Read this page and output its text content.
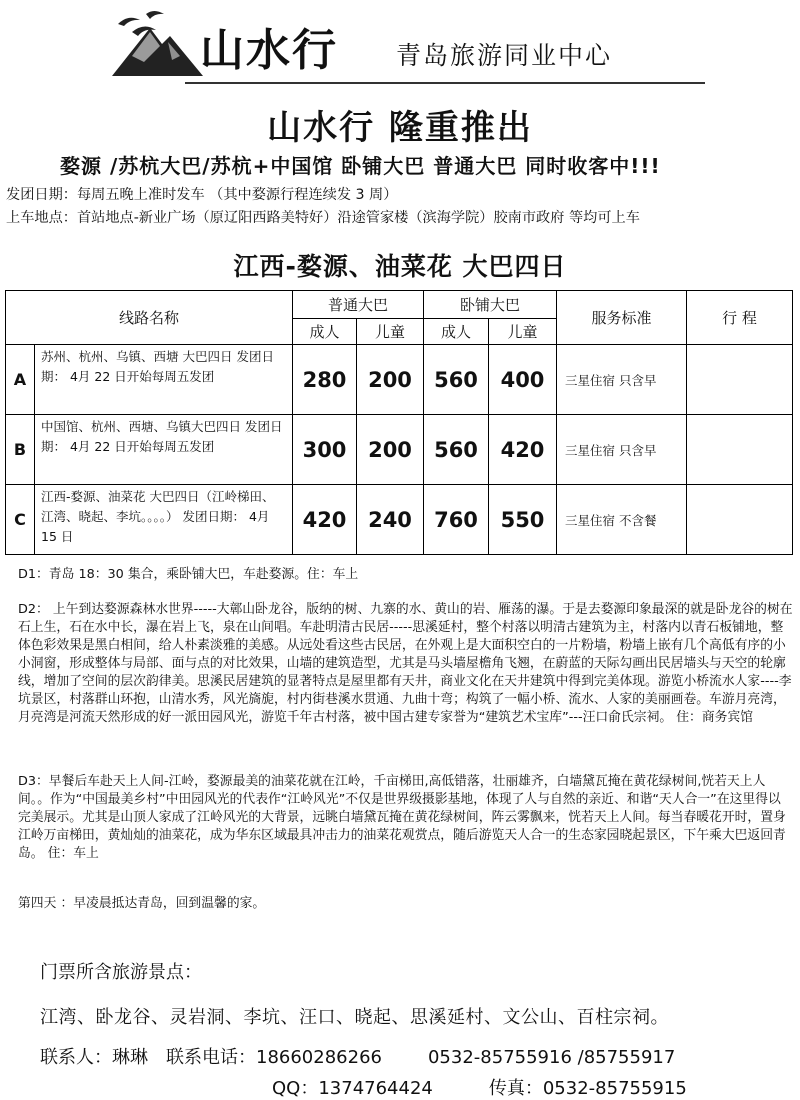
山水行 青岛旅游同业中心
山水行 隆重推出
婺源 /苏杭大巴/苏杭+中国馆 卧铺大巴 普通大巴 同时收客中!!!
发团日期：每周五晚上准时发车 （其中婺源行程连续发 3 周）
上车地点：首站地点-新业广场（原辽阳西路美特好）沿途管家楼（滨海学院）胶南市政府 等均可上车
江西-婺源、油菜花 大巴四日
线路名称		普通大巴		卧铺大巴		服务标准	行 程
		成人	儿童	成人	儿童		
A	苏州、杭州、乌镇、西塘 大巴四日 发团日期： 4月 22 日开始每周五发团	280	200	560	400	三星住宿 只含早	
B	中国馆、杭州、西塘、乌镇大巴四日 发团日期： 4月 22 日开始每周五发团	300	200	560	420	三星住宿 只含早	
C	江西-婺源、油菜花 大巴四日（江岭梯田、江湾、晓起、李坑。。。。） 发团日期： 4月 15 日	420	240	760	550	三星住宿 不含餐	
D1：青岛 18：30 集合，乘卧铺大巴，车赴婺源。住：车上
D2： 上午到达婺源森林水世界-----大鄣山卧龙谷，版纳的树、九寨的水、黄山的岩、雁荡的瀑。于是去婺源印象最深的就是卧龙谷的树在石上生，石在水中长，瀑在岩上飞，泉在山间唱。车赴明清古民居-----思溪延村，整个村落以明清古建筑为主，村落内以青石板铺地，整体色彩效果是黑白相间，给人朴素淡雅的美感。从远处看这些古民居，在外观上是大面积空白的一片粉墙，粉墙上嵌有几个高低有序的小小洞窗，形成整体与局部、面与点的对比效果，山墙的建筑造型，尤其是马头墙屋檐角飞翘，在蔚蓝的天际勾画出民居墙头与天空的轮廓线，增加了空间的层次韵律美。思溪民居建筑的显著特点是屋里都有天井，商业文化在天井建筑中得到完美体现。游览小桥流水人家----李坑景区，村落群山环抱，山清水秀，风光旖旎，村内街巷溪水贯通、九曲十弯；构筑了一幅小桥、流水、人家的美丽画卷。车游月亮湾，月亮湾是河流天然形成的好一派田园风光，游览千年古村落，被中国古建专家誉为“建筑艺术宝库”---汪口俞氏宗祠。 住：商务宾馆
D3：早餐后车赴天上人间-江岭，婺源最美的油菜花就在江岭，千亩梯田,高低错落，壮丽雄齐，白墙黛瓦掩在黄花绿树间,恍若天上人间。。作为“中国最美乡村”中田园风光的代表作“江岭风光”不仅是世界级摄影基地，体现了人与自然的亲近、和谐“天人合一”在这里得以完美展示。尤其是山顶人家成了江岭风光的大背景，远眺白墙黛瓦掩在黄花绿树间，阵云雾飘来，恍若天上人间。每当春暖花开时，置身江岭万亩梯田，黄灿灿的油菜花，成为华东区域最具冲击力的油菜花观赏点，随后游览天人合一的生态家园晓起景区，下午乘大巴返回青岛。 住：车上
第四天 ：早凌晨抵达青岛，回到温馨的家。
门票所含旅游景点：
江湾、卧龙谷、灵岩洞、李坑、汪口、晓起、思溪延村、文公山、百柱宗祠。
联系人：琳琳 联系电话：18660286266	0532-85755916 /85755917
QQ：1374764424	传真：0532-85755915
